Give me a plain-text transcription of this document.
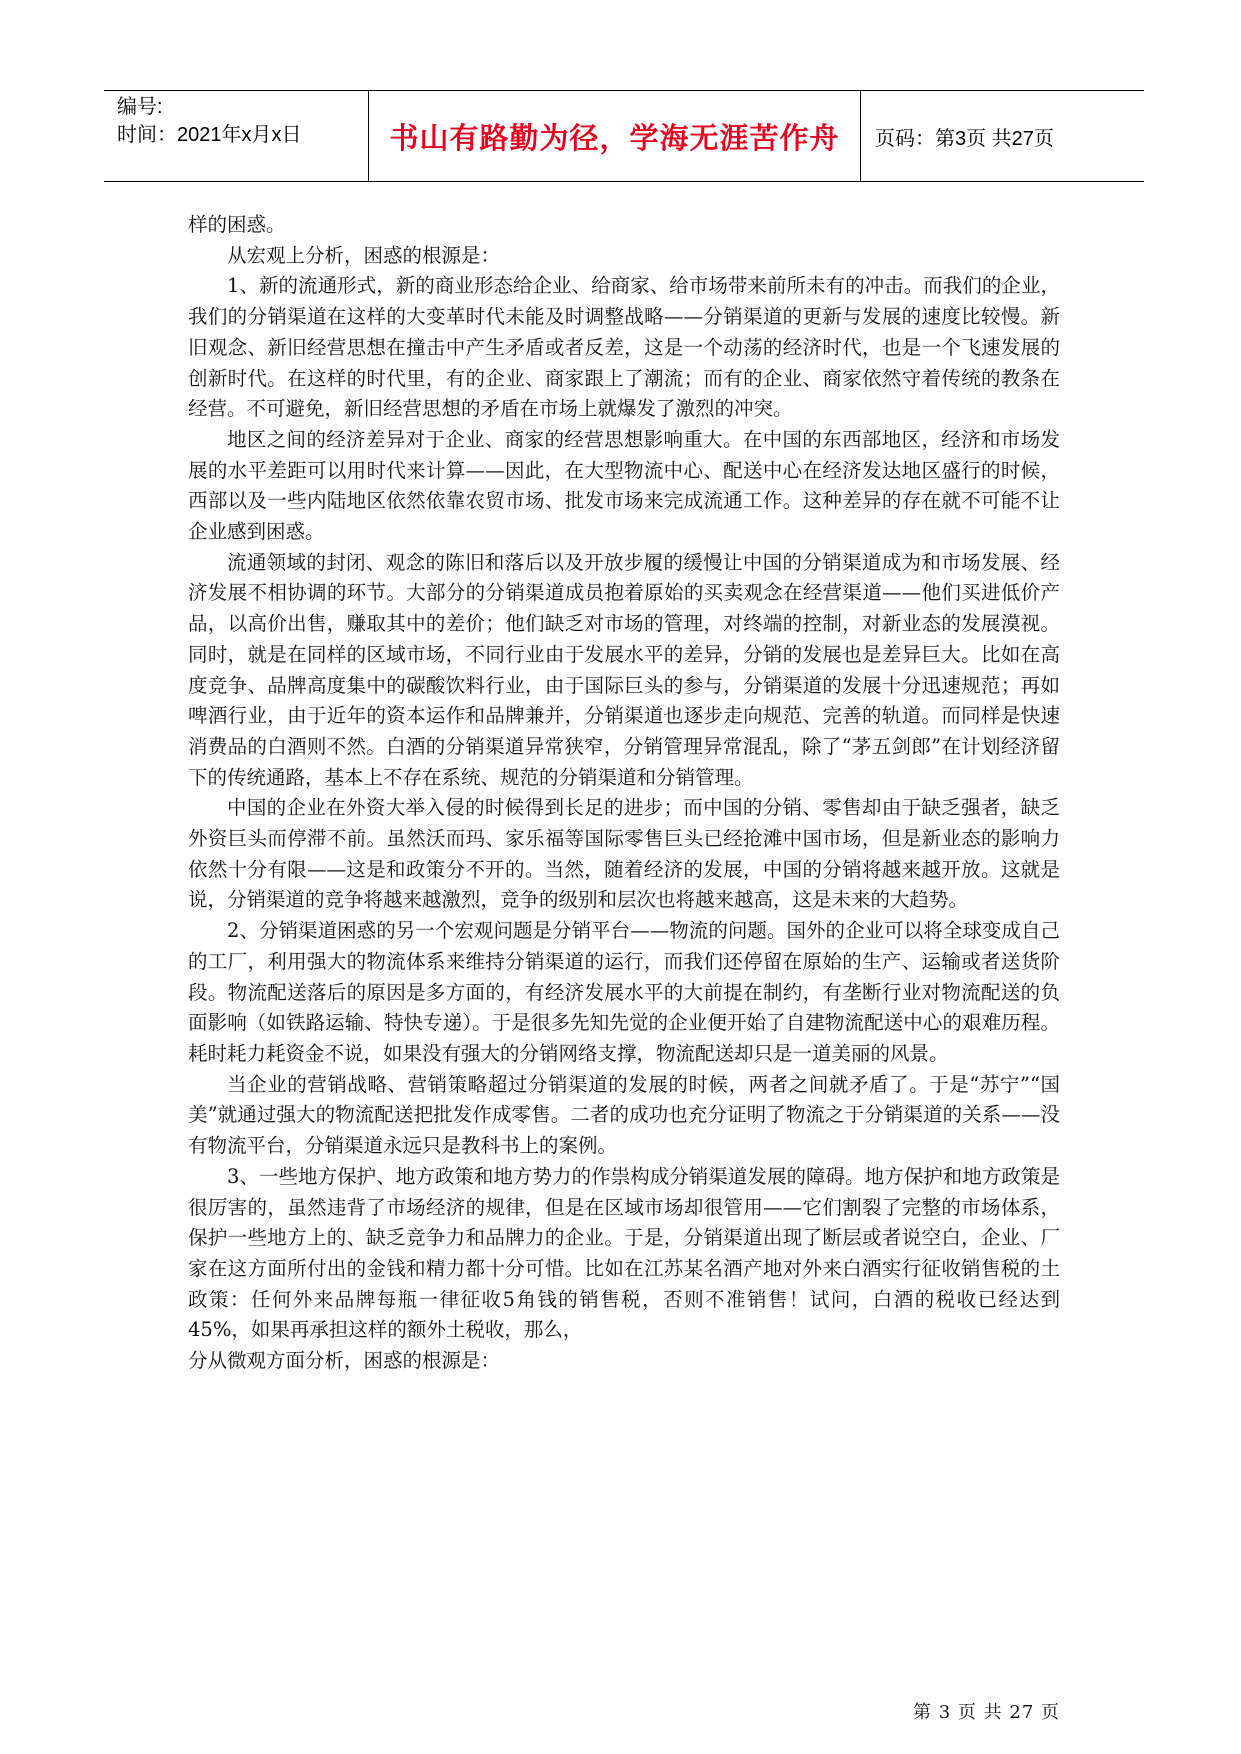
编号:
时间：2021年x月x日	书山有路勤为径，学海无涯苦作舟 页码：第3页 共27页

样的困惑。

从宏观上分析，困惑的根源是：

1、新的流通形式，新的商业形态给企业、给商家、给市场带来前所未有的冲击。而我们的企业，我们的分销渠道在这样的大变革时代未能及时调整战略——分销渠道的更新与发展的速度比较慢。新旧观念、新旧经营思想在撞击中产生矛盾或者反差，这是一个动荡的经济时代，也是一个飞速发展的创新时代。在这样的时代里，有的企业、商家跟上了潮流；而有的企业、商家依然守着传统的教条在经营。不可避免，新旧经营思想的矛盾在市场上就爆发了激烈的冲突。

地区之间的经济差异对于企业、商家的经营思想影响重大。在中国的东西部地区，经济和市场发展的水平差距可以用时代来计算——因此，在大型物流中心、配送中心在经济发达地区盛行的时候，西部以及一些内陆地区依然依靠农贸市场、批发市场来完成流通工作。这种差异的存在就不可能不让企业感到困惑。

流通领域的封闭、观念的陈旧和落后以及开放步履的缓慢让中国的分销渠道成为和市场发展、经济发展不相协调的环节。大部分的分销渠道成员抱着原始的买卖观念在经营渠道——他们买进低价产品，以高价出售，赚取其中的差价；他们缺乏对市场的管理，对终端的控制，对新业态的发展漠视。同时，就是在同样的区域市场，不同行业由于发展水平的差异，分销的发展也是差异巨大。比如在高度竞争、品牌高度集中的碳酸饮料行业，由于国际巨头的参与，分销渠道的发展十分迅速规范；再如啤酒行业，由于近年的资本运作和品牌兼并，分销渠道也逐步走向规范、完善的轨道。而同样是快速消费品的白酒则不然。白酒的分销渠道异常狭窄，分销管理异常混乱，除了“茅五剑郎”在计划经济留下的传统通路，基本上不存在系统、规范的分销渠道和分销管理。

中国的企业在外资大举入侵的时候得到长足的进步；而中国的分销、零售却由于缺乏强者，缺乏外资巨头而停滞不前。虽然沃而玛、家乐福等国际零售巨头已经抢滩中国市场，但是新业态的影响力依然十分有限——这是和政策分不开的。当然，随着经济的发展，中国的分销将越来越开放。这就是说，分销渠道的竞争将越来越激烈，竞争的级别和层次也将越来越高，这是未来的大趋势。

2、分销渠道困惑的另一个宏观问题是分销平台——物流的问题。国外的企业可以将全球变成自己的工厂，利用强大的物流体系来维持分销渠道的运行，而我们还停留在原始的生产、运输或者送货阶段。物流配送落后的原因是多方面的，有经济发展水平的大前提在制约，有垄断行业对物流配送的负面影响（如铁路运输、特快专递）。于是很多先知先觉的企业便开始了自建物流配送中心的艰难历程。耗时耗力耗资金不说，如果没有强大的分销网络支撑，物流配送却只是一道美丽的风景。

当企业的营销战略、营销策略超过分销渠道的发展的时候，两者之间就矛盾了。于是“苏宁”“国美”就通过强大的物流配送把批发作成零售。二者的成功也充分证明了物流之于分销渠道的关系——没有物流平台，分销渠道永远只是教科书上的案例。

3、一些地方保护、地方政策和地方势力的作祟构成分销渠道发展的障碍。地方保护和地方政策是很厉害的，虽然违背了市场经济的规律，但是在区域市场却很管用——它们割裂了完整的市场体系，保护一些地方上的、缺乏竞争力和品牌力的企业。于是，分销渠道出现了断层或者说空白，企业、厂家在这方面所付出的金钱和精力都十分可惜。比如在江苏某名酒产地对外来白酒实行征收销售税的土政策：任何外来品牌每瓶一律征收5角钱的销售税，否则不准销售！试问，白酒的税收已经达到45%，如果再承担这样的额外土税收，那么，

分从微观方面分析，困惑的根源是：

第 3 页 共 27 页
